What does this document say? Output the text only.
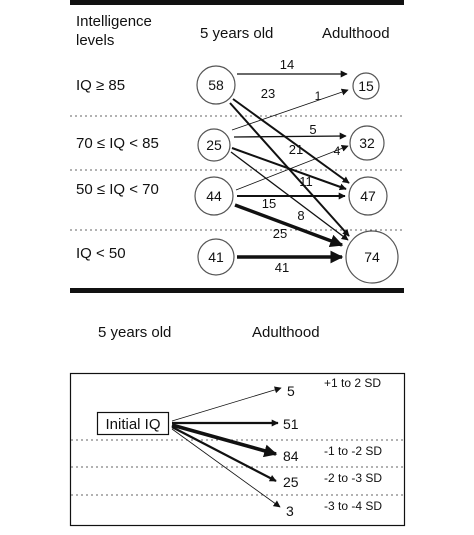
Intelligence
levels	5 years old	Adulthood
IQ ≥ 85
70 ≤ IQ < 85
50 ≤ IQ < 70
IQ < 50
58
25
44
41
15
32
47
74
14
23
21
1
5
11
8
4
15
25
41
5 years old	Adulthood
Initial IQ
5
51
84
25
3
+1 to 2 SD
-1 to -2 SD
-2 to -3 SD
-3 to -4 SD
